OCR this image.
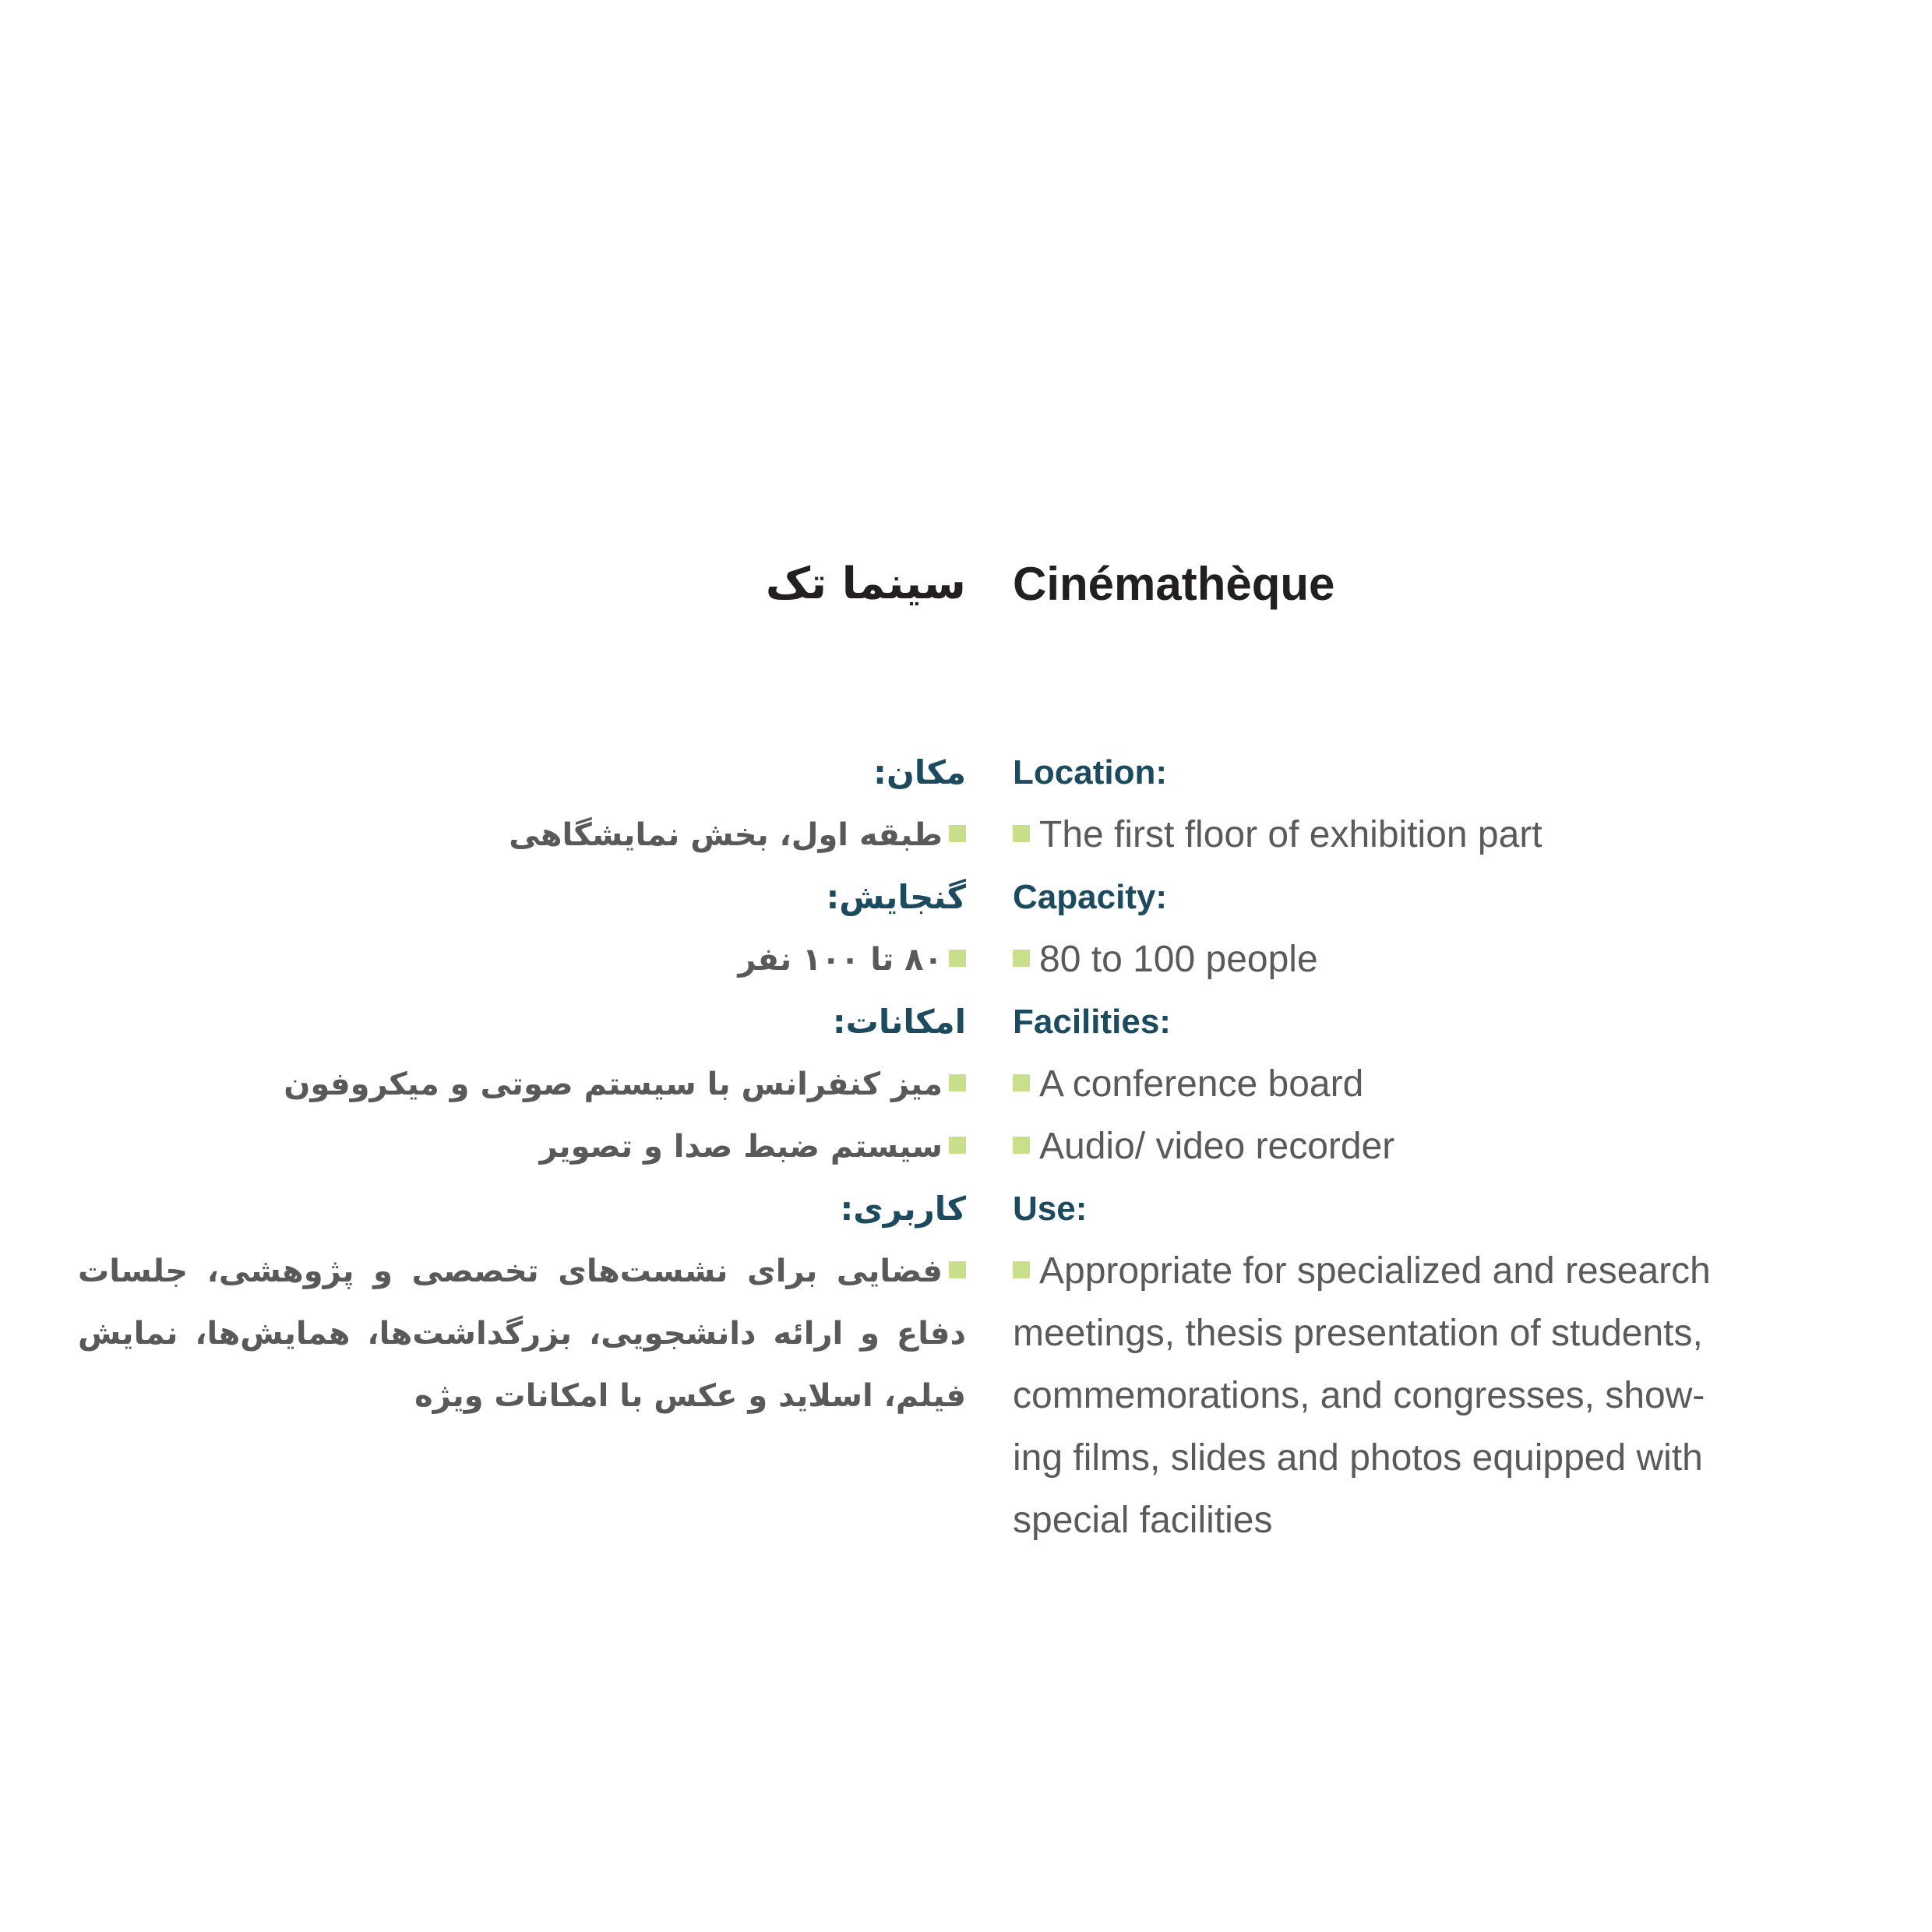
سینما تک
مکان:
طبقه اول، بخش نمایشگاهی
گنجایش:
۸۰ تا ۱۰۰ نفر
امکانات:
میز کنفرانس با سیستم صوتی و میکروفون
سیستم ضبط صدا و تصویر
کاربری:
فضایی برای نشست‌های تخصصی و پژوهشی، جلسات دفاع و ارائه دانشجویی، بزرگداشت‌ها، همایش‌ها، نمایش فیلم، اسلاید و عکس با امکانات ویژه
Cinémathèque
Location:
The first floor of exhibition part
Capacity:
80 to 100 people
Facilities:
A conference board
Audio/ video recorder
Use:
Appropriate for specialized and research meetings, thesis presentation of students, commemorations, and congresses, show-ing films, slides and photos equipped with special facilities
